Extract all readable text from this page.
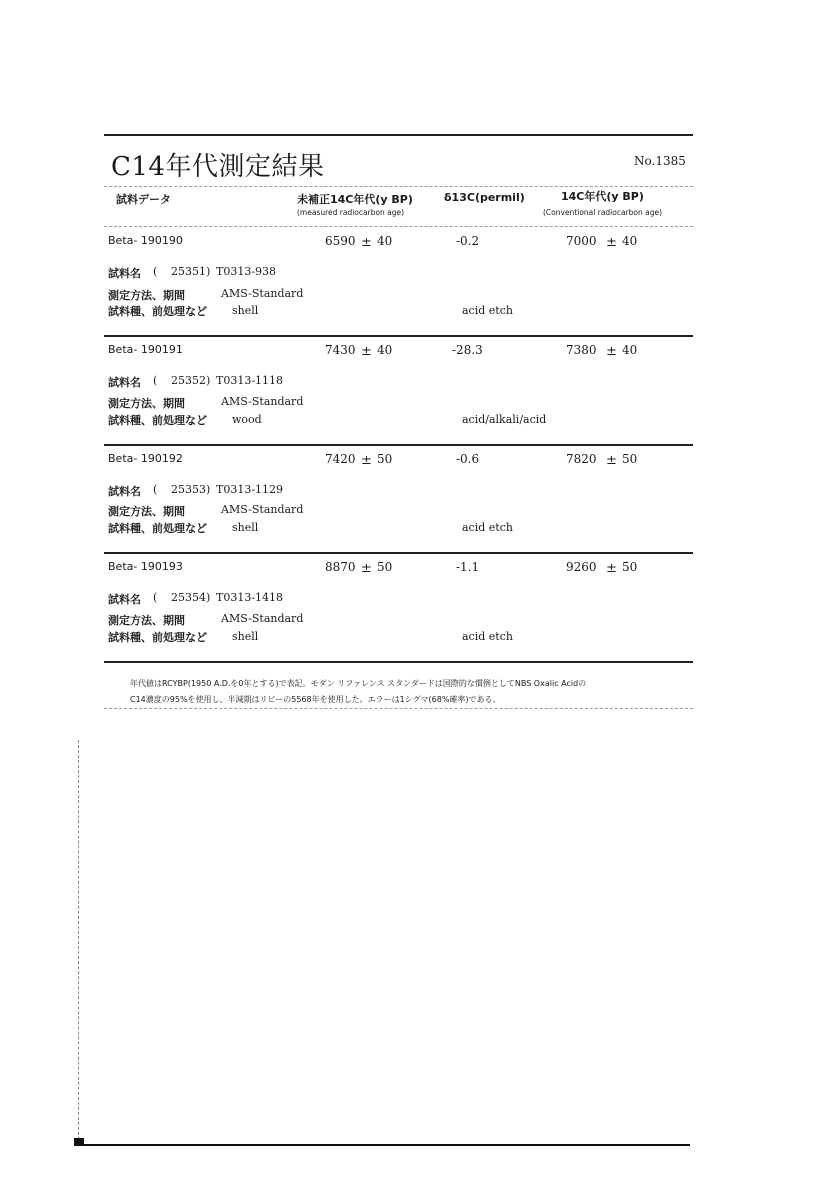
C14年代測定結果	No.1385
試料データ	未補正14C年代(y BP)
(measured radiocarbon age)
δ13C(permil)	14C年代(y BP)
(Conventional radiocarbon age)
Beta- 190190	6590 ± 40	-0.2	7000 ± 40
試料名 ( 25351) T0313-938
測定方法、期間	AMS-Standard
試料種、前処理など shell	acid etch
Beta- 190191	7430 ± 40	-28.3	7380 ± 40
試料名 ( 25352) T0313-1118
測定方法、期間	AMS-Standard
試料種、前処理など wood	acid/alkali/acid
Beta- 190192	7420 ± 50	-0.6	7820 ± 50
試料名 ( 25353) T0313-1129
測定方法、期間	AMS-Standard
試料種、前処理など shell	acid etch
Beta- 190193	8870 ± 50	-1.1	9260 ± 50
試料名 ( 25354) T0313-1418
測定方法、期間	AMS-Standard
試料種、前処理など shell	acid etch
年代値はRCYBP(1950 A.D.を0年とする)で表記。モダン リファレンス スタンダードは国際的な慣例としてNBS Oxalic Acidの
C14濃度の95%を使用し、半減期はリビーの5568年を使用した。エラーは1シグマ(68%確率)である。
